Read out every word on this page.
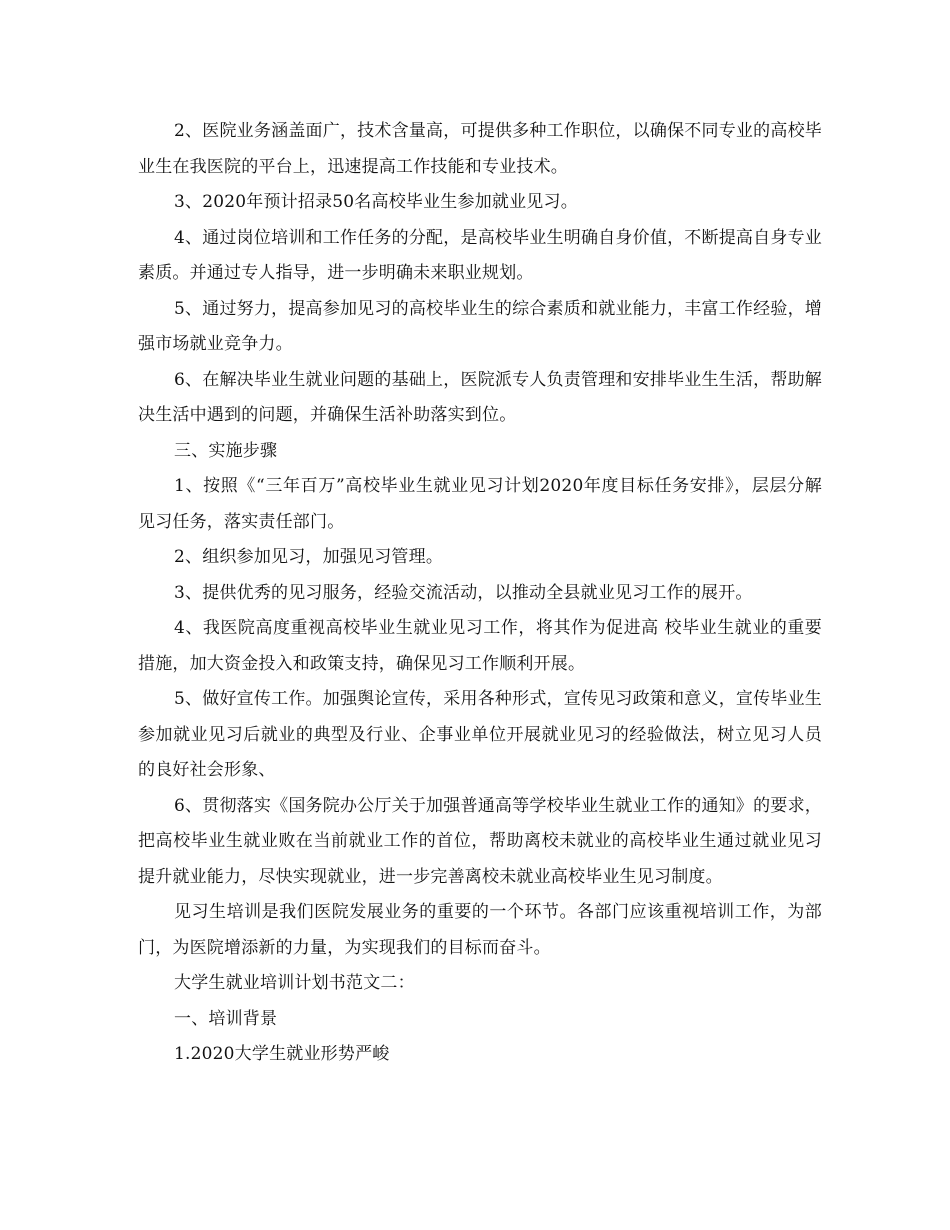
2、医院业务涵盖面广，技术含量高，可提供多种工作职位，以确保不同专业的高校毕业生在我医院的平台上，迅速提高工作技能和专业技术。

3、2020年预计招录50名高校毕业生参加就业见习。

4、通过岗位培训和工作任务的分配，是高校毕业生明确自身价值，不断提高自身专业素质。并通过专人指导，进一步明确未来职业规划。

5、通过努力，提高参加见习的高校毕业生的综合素质和就业能力，丰富工作经验，增强市场就业竞争力。

6、在解决毕业生就业问题的基础上，医院派专人负责管理和安排毕业生生活，帮助解决生活中遇到的问题，并确保生活补助落实到位。

三、实施步骤

1、按照《“三年百万”高校毕业生就业见习计划2020年度目标任务安排》，层层分解见习任务，落实责任部门。

2、组织参加见习，加强见习管理。

3、提供优秀的见习服务，经验交流活动，以推动全县就业见习工作的展开。

4、我医院高度重视高校毕业生就业见习工作，将其作为促进高 校毕业生就业的重要措施，加大资金投入和政策支持，确保见习工作顺利开展。

5、做好宣传工作。加强舆论宣传，采用各种形式，宣传见习政策和意义，宣传毕业生参加就业见习后就业的典型及行业、企事业单位开展就业见习的经验做法，树立见习人员的良好社会形象、

6、贯彻落实《国务院办公厅关于加强普通高等学校毕业生就业工作的通知》的要求，把高校毕业生就业败在当前就业工作的首位，帮助离校未就业的高校毕业生通过就业见习提升就业能力，尽快实现就业，进一步完善离校未就业高校毕业生见习制度。

见习生培训是我们医院发展业务的重要的一个环节。各部门应该重视培训工作，为部门，为医院增添新的力量，为实现我们的目标而奋斗。

大学生就业培训计划书范文二：

一、培训背景

1.2020大学生就业形势严峻
